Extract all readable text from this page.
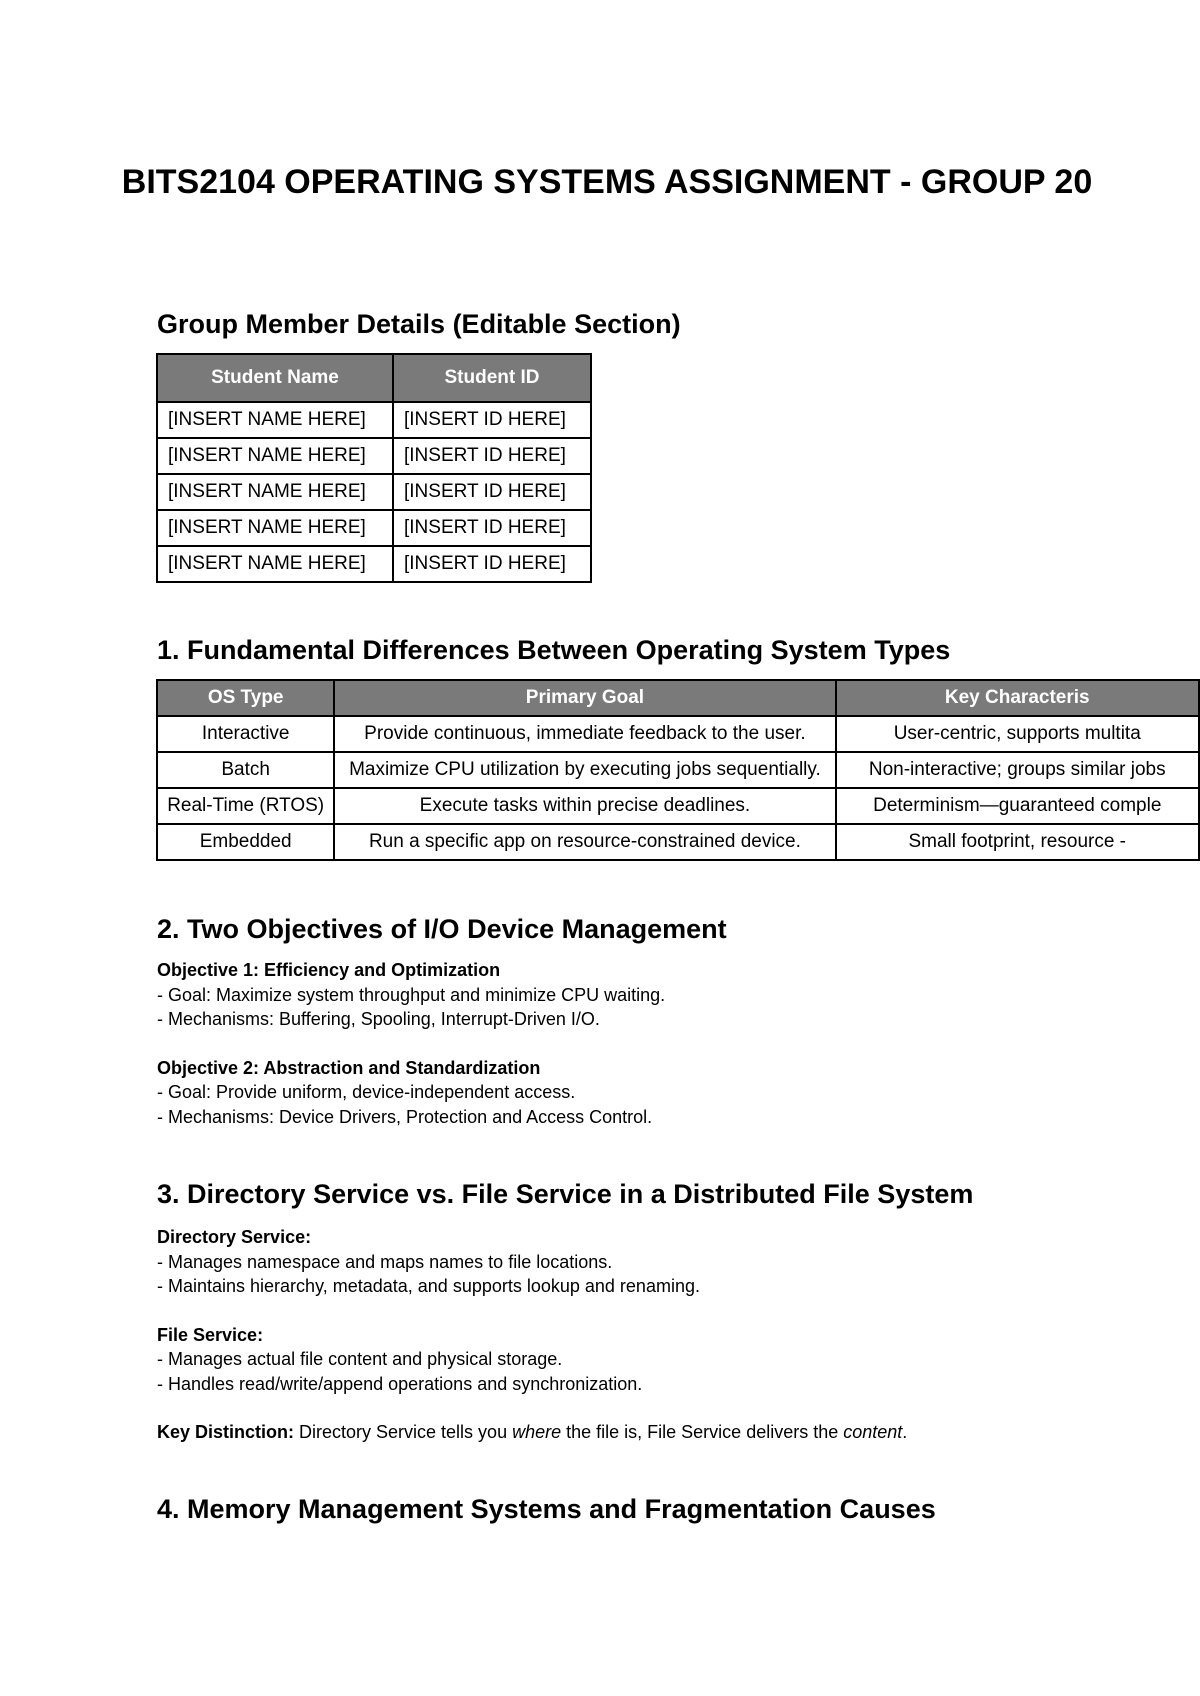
BITS2104 OPERATING SYSTEMS ASSIGNMENT - GROUP 20
Group Member Details (Editable Section)
Student Name	Student ID
[INSERT NAME HERE]	[INSERT ID HERE]
[INSERT NAME HERE]	[INSERT ID HERE]
[INSERT NAME HERE]	[INSERT ID HERE]
[INSERT NAME HERE]	[INSERT ID HERE]
[INSERT NAME HERE]	[INSERT ID HERE]
1. Fundamental Differences Between Operating System Types
OS Type	Primary Goal	Key Characteris
Interactive	Provide continuous, immediate feedback to the user.	User-centric, supports multita
Batch	Maximize CPU utilization by executing jobs sequentially.	Non-interactive; groups similar jobs
Real-Time (RTOS)	Execute tasks within precise deadlines.	Determinism—guaranteed comple
Embedded	Run a specific app on resource-constrained device.	Small footprint, resource -
2. Two Objectives of I/O Device Management
Objective 1: Efficiency and Optimization
- Goal: Maximize system throughput and minimize CPU waiting.
- Mechanisms: Buffering, Spooling, Interrupt-Driven I/O.
Objective 2: Abstraction and Standardization
- Goal: Provide uniform, device-independent access.
- Mechanisms: Device Drivers, Protection and Access Control.
3. Directory Service vs. File Service in a Distributed File System
Directory Service:
- Manages namespace and maps names to file locations.
- Maintains hierarchy, metadata, and supports lookup and renaming.
File Service:
- Manages actual file content and physical storage.
- Handles read/write/append operations and synchronization.
Key Distinction: Directory Service tells you where the file is, File Service delivers the content.
4. Memory Management Systems and Fragmentation Causes
